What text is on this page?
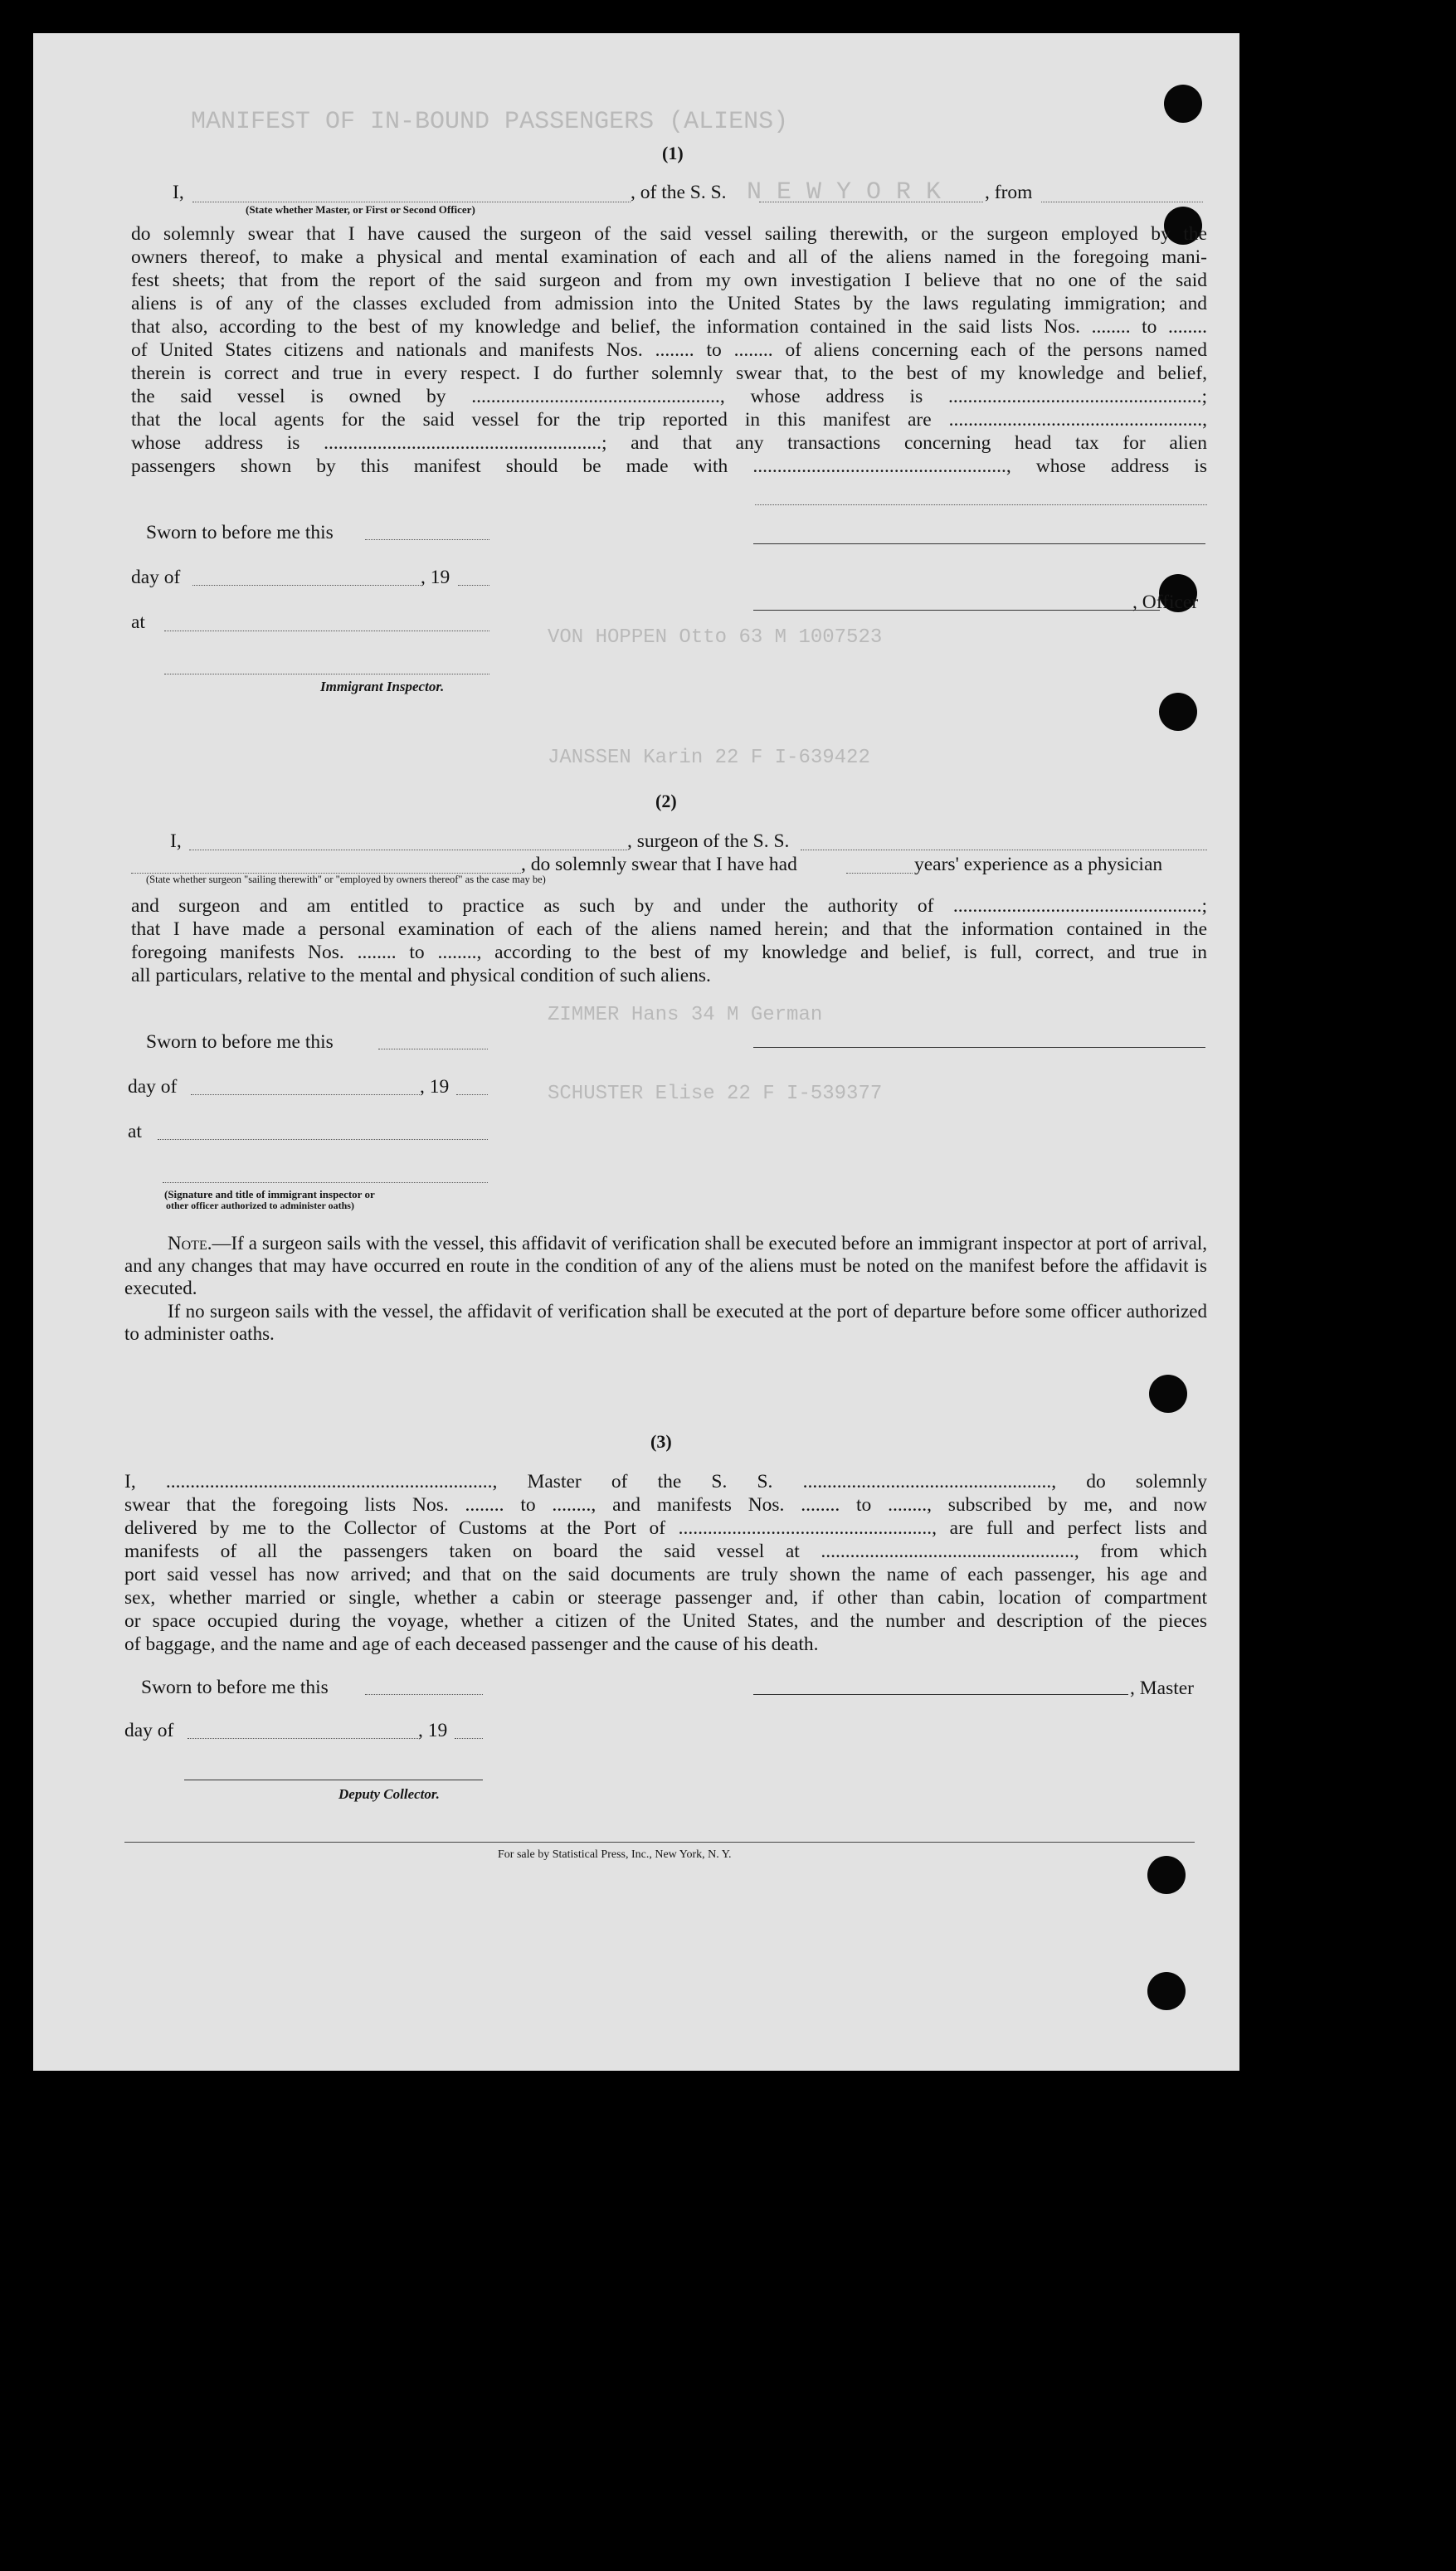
MANIFEST OF IN-BOUND PASSENGERS (ALIENS)
N E W Y O R K
VON HOPPEN Otto 63 M 1007523
JANSSEN Karin 22 F I-639422
ZIMMER Hans 34 M German
SCHUSTER Elise 22 F I-539377
(1)
I,	, of the S. S.	, from
(State whether Master, or First or Second Officer)
do solemnly swear that I have caused the surgeon of the said vessel sailing therewith, or the surgeon employed by the
owners thereof, to make a physical and mental examination of each and all of the aliens named in the foregoing mani-
fest sheets; that from the report of the said surgeon and from my own investigation I believe that no one of the said
aliens is of any of the classes excluded from admission into the United States by the laws regulating immigration; and
that also, according to the best of my knowledge and belief, the information contained in the said lists Nos. ........ to ........
of United States citizens and nationals and manifests Nos. ........ to ........ of aliens concerning each of the persons named
therein is correct and true in every respect. I do further solemnly swear that, to the best of my knowledge and belief,
the said vessel is owned by ..................................................., whose address is ....................................................;
that the local agents for the said vessel for the trip reported in this manifest are ....................................................,
whose address is .........................................................; and that any transactions concerning head tax for alien
passengers shown by this manifest should be made with ...................................................., whose address is
Sworn to before me this
day of	, 19
, Officer
at
Immigrant Inspector.
(2)
I,	, surgeon of the S. S.
, do solemnly swear that I have had	years' experience as a physician
(State whether surgeon "sailing therewith" or "employed by owners thereof" as the case may be)
and surgeon and am entitled to practice as such by and under the authority of ...................................................;
that I have made a personal examination of each of the aliens named herein; and that the information contained in the
foregoing manifests Nos. ........ to ........, according to the best of my knowledge and belief, is full, correct, and true in
all particulars, relative to the mental and physical condition of such aliens.
Sworn to before me this
day of	, 19
at
(Signature and title of immigrant inspector or
other officer authorized to administer oaths)
Note.—If a surgeon sails with the vessel, this affidavit of verification shall be executed before an immigrant inspector at port of arrival, and any changes that may have occurred en route in the condition of any of the aliens must be noted on the manifest before the affidavit is executed.
If no surgeon sails with the vessel, the affidavit of verification shall be executed at the port of departure before some officer authorized to administer oaths.
(3)
I, ..................................................................., Master of the S. S. ..................................................., do solemnly
swear that the foregoing lists Nos. ........ to ........, and manifests Nos. ........ to ........, subscribed by me, and now
delivered by me to the Collector of Customs at the Port of ...................................................., are full and perfect lists and
manifests of all the passengers taken on board the said vessel at ...................................................., from which
port said vessel has now arrived; and that on the said documents are truly shown the name of each passenger, his age and
sex, whether married or single, whether a cabin or steerage passenger and, if other than cabin, location of compartment
or space occupied during the voyage, whether a citizen of the United States, and the number and description of the pieces
of baggage, and the name and age of each deceased passenger and the cause of his death.
Sworn to before me this	, Master
day of	, 19
Deputy Collector.
For sale by Statistical Press, Inc., New York, N. Y.
